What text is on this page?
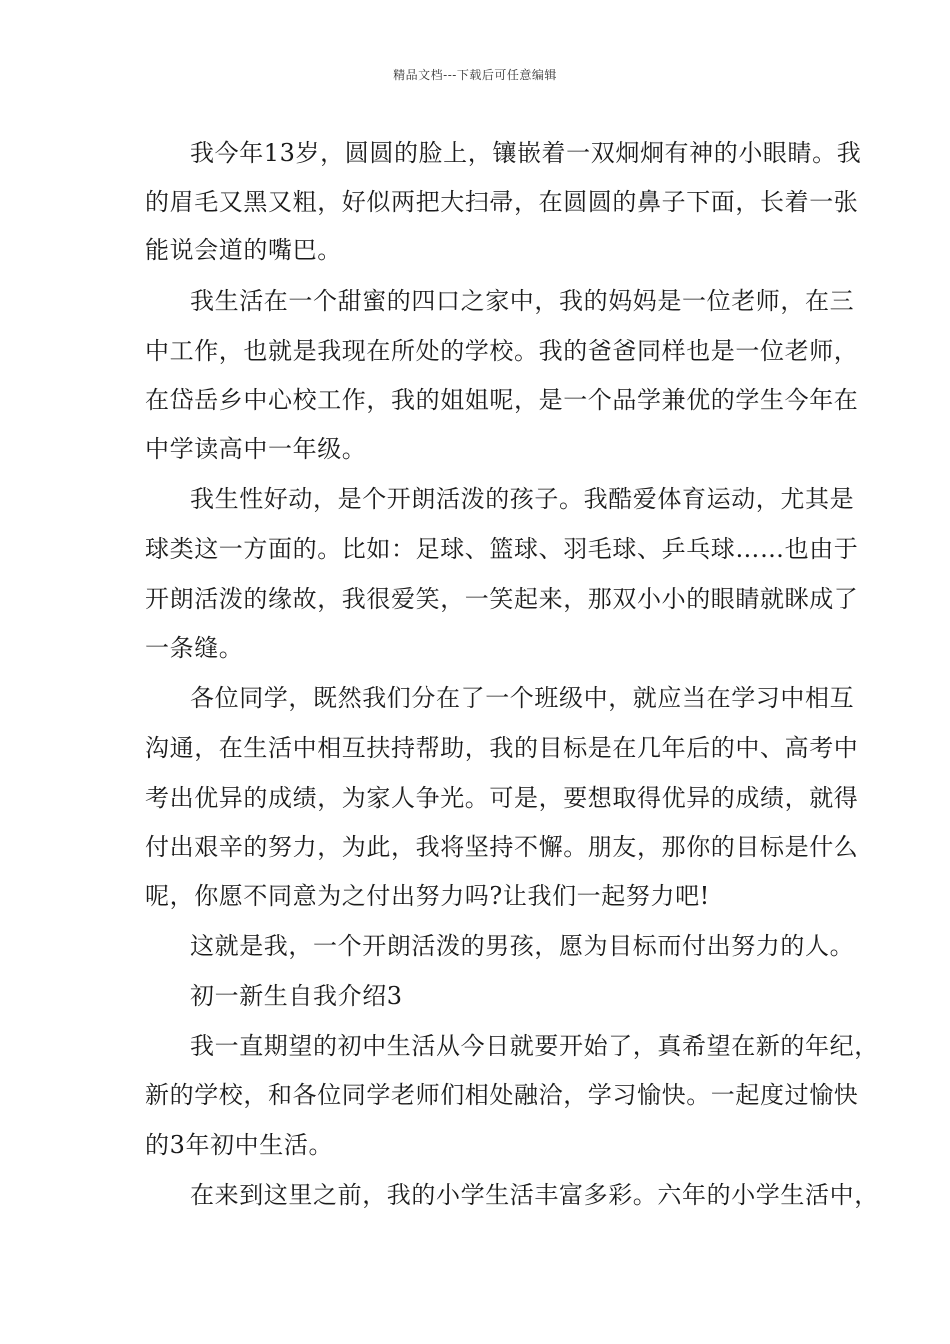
精品文档---下载后可任意编辑
我今年13岁，圆圆的脸上，镶嵌着一双炯炯有神的小眼睛。我
的眉毛又黑又粗，好似两把大扫帚，在圆圆的鼻子下面，长着一张
能说会道的嘴巴。
我生活在一个甜蜜的四口之家中，我的妈妈是一位老师，在三
中工作，也就是我现在所处的学校。我的爸爸同样也是一位老师，
在岱岳乡中心校工作，我的姐姐呢，是一个品学兼优的学生今年在
中学读高中一年级。
我生性好动，是个开朗活泼的孩子。我酷爱体育运动，尤其是
球类这一方面的。比如：足球、篮球、羽毛球、乒乓球……也由于
开朗活泼的缘故，我很爱笑，一笑起来，那双小小的眼睛就眯成了
一条缝。
各位同学，既然我们分在了一个班级中，就应当在学习中相互
沟通，在生活中相互扶持帮助，我的目标是在几年后的中、高考中
考出优异的成绩，为家人争光。可是，要想取得优异的成绩，就得
付出艰辛的努力，为此，我将坚持不懈。朋友，那你的目标是什么
呢，你愿不同意为之付出努力吗?让我们一起努力吧!
这就是我，一个开朗活泼的男孩，愿为目标而付出努力的人。
初一新生自我介绍3
我一直期望的初中生活从今日就要开始了，真希望在新的年纪，
新的学校，和各位同学老师们相处融洽，学习愉快。一起度过愉快
的3年初中生活。
在来到这里之前，我的小学生活丰富多彩。六年的小学生活中，
